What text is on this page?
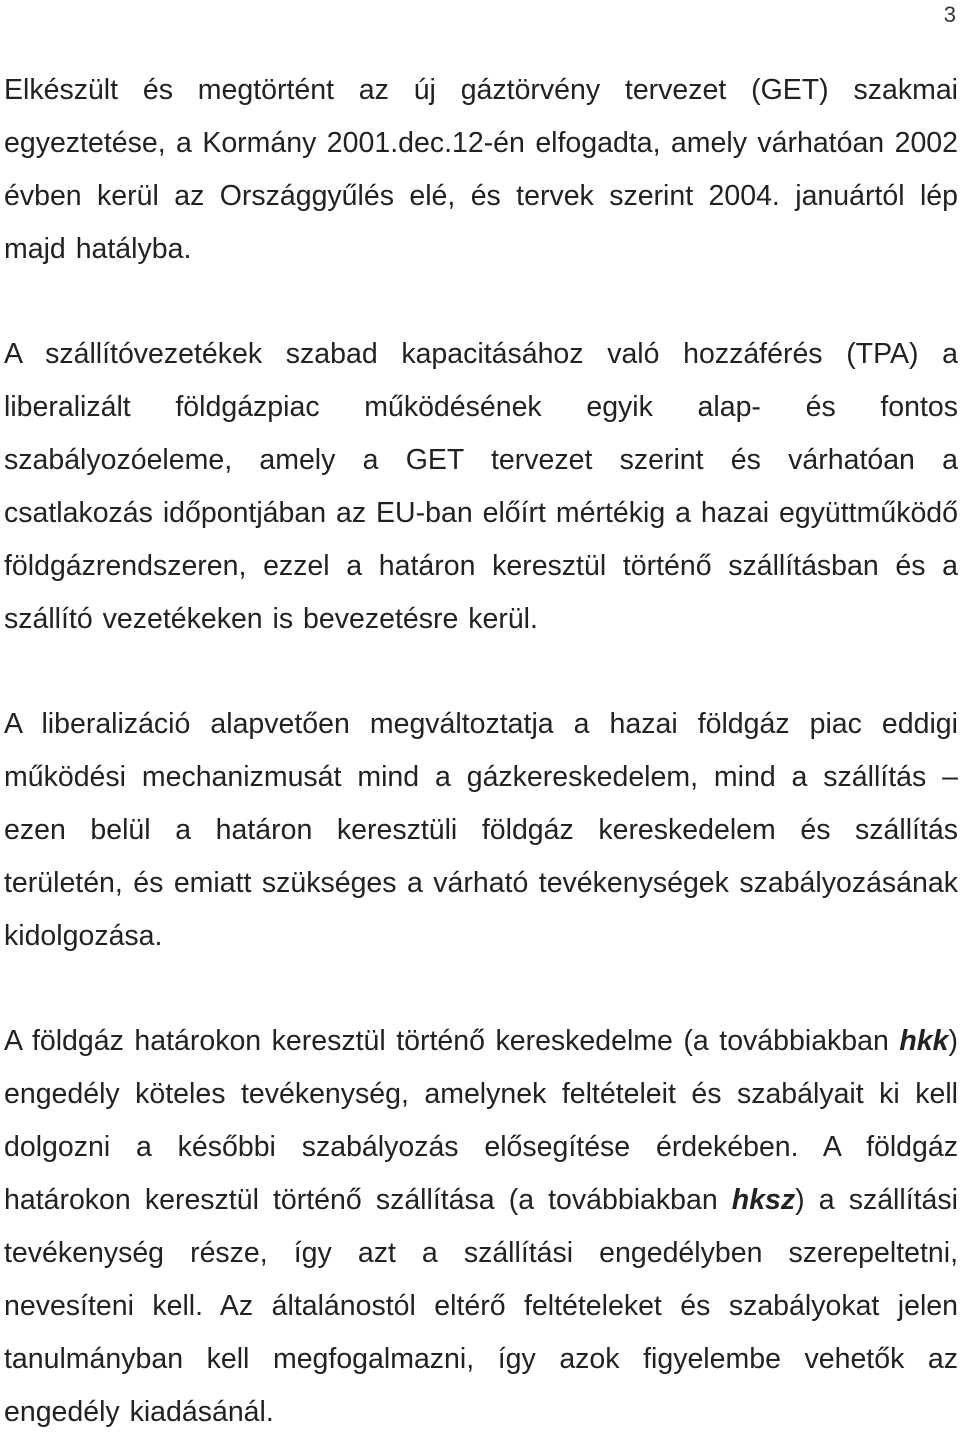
3

Elkészült és megtörtént az új gáztörvény tervezet (GET) szakmai egyeztetése, a Kormány 2001.dec.12-én elfogadta, amely várhatóan 2002 évben kerül az Országgyűlés elé, és tervek szerint 2004. januártól lép majd hatályba.

A szállítóvezetékek szabad kapacitásához való hozzáférés (TPA) a liberalizált földgázpiac működésének egyik alap- és fontos szabályozóeleme, amely a GET tervezet szerint és várhatóan a csatlakozás időpontjában az EU-ban előírt mértékig a hazai együttműködő földgázrendszeren, ezzel a határon keresztül történő szállításban és a szállító vezetékeken is bevezetésre kerül.

A liberalizáció alapvetően megváltoztatja a hazai földgáz piac eddigi működési mechanizmusát mind a gázkereskedelem, mind a szállítás – ezen belül a határon keresztüli földgáz kereskedelem és szállítás területén, és emiatt szükséges a várható tevékenységek szabályozásának kidolgozása.

A földgáz határokon keresztül történő kereskedelme (a továbbiakban hkk) engedély köteles tevékenység, amelynek feltételeit és szabályait ki kell dolgozni a későbbi szabályozás elősegítése érdekében. A földgáz határokon keresztül történő szállítása (a továbbiakban hksz) a szállítási tevékenység része, így azt a szállítási engedélyben szerepeltetni, nevesíteni kell. Az általánostól eltérő feltételeket és szabályokat jelen tanulmányban kell megfogalmazni, így azok figyelembe vehetők az engedély kiadásánál.
